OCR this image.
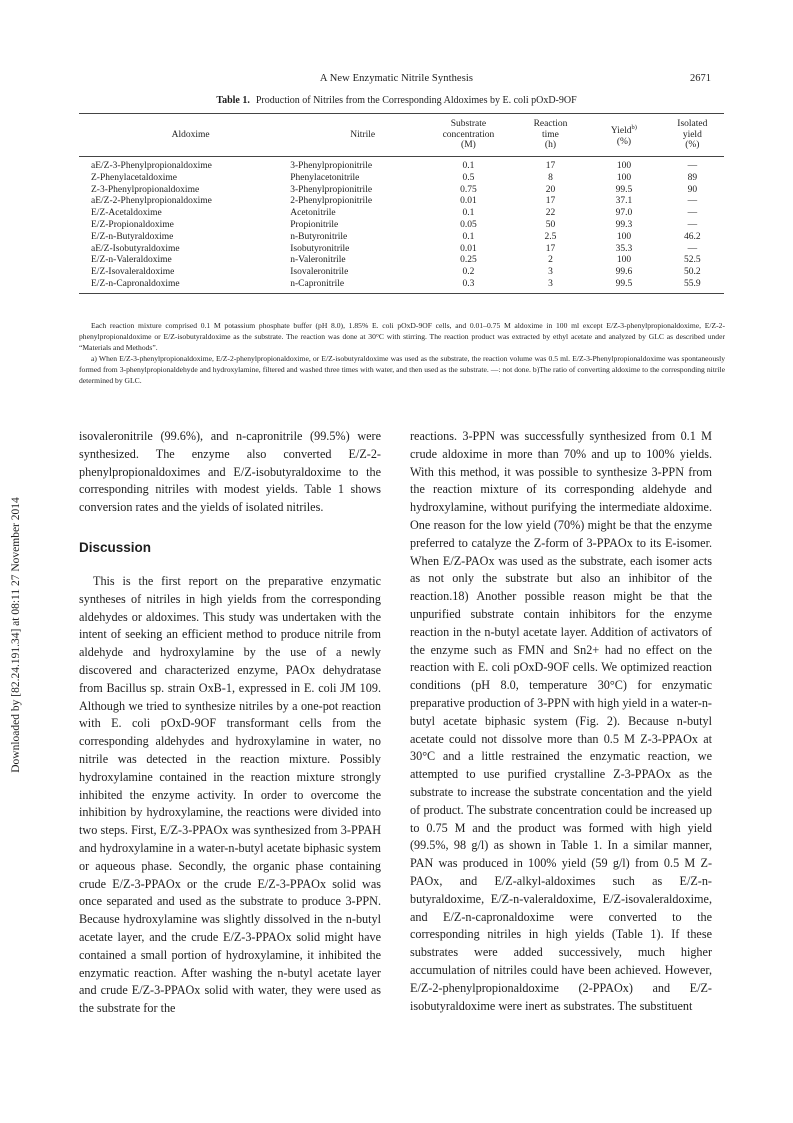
A New Enzymatic Nitrile Synthesis	2671
Downloaded by [82.24.191.34] at 08:11 27 November 2014
Table 1. Production of Nitriles from the Corresponding Aldoximes by E. coli pOxD-9OF
Aldoxime	Nitrile	Substrate
concentration
(M)	Reaction
time
(h)	Yield$^{b)}$
(%)	Isolated
yield
(%)
aE/Z-3-Phenylpropionaldoxime	3-Phenylpropionitrile	0.1	17	100	—
Z-Phenylacetaldoxime	Phenylacetonitrile	0.5	8	100	89
Z-3-Phenylpropionaldoxime	3-Phenylpropionitrile	0.75	20	99.5	90
aE/Z-2-Phenylpropionaldoxime	2-Phenylpropionitrile	0.01	17	37.1	—
E/Z-Acetaldoxime	Acetonitrile	0.1	22	97.0	—
E/Z-Propionaldoxime	Propionitrile	0.05	50	99.3	—
E/Z-n-Butyraldoxime	n-Butyronitrile	0.1	2.5	100	46.2
aE/Z-Isobutyraldoxime	Isobutyronitrile	0.01	17	35.3	—
E/Z-n-Valeraldoxime	n-Valeronitrile	0.25	2	100	52.5
E/Z-Isovaleraldoxime	Isovaleronitrile	0.2	3	99.6	50.2
E/Z-n-Capronaldoxime	n-Capronitrile	0.3	3	99.5	55.9

Each reaction mixture comprised 0.1 M potassium phosphate buffer (pH 8.0), 1.85% E. coli pOxD-9OF cells, and 0.01–0.75 M aldoxime in 100 ml except E/Z-3-phenylpropionaldoxime, E/Z-2-phenylpropionaldoxime or E/Z-isobutyraldoxime as the substrate. The reaction was done at 30°C with stirring. The reaction product was extracted by ethyl acetate and analyzed by GLC as described under “Materials and Methods”.

a) When E/Z-3-phenylpropionaldoxime, E/Z-2-phenylpropionaldoxime, or E/Z-isobutyraldoxime was used as the substrate, the reaction volume was 0.5 ml. E/Z-3-Phenylpropionaldoxime was spontaneously formed from 3-phenylpropionaldehyde and hydroxylamine, filtered and washed three times with water, and then used as the substrate. —: not done. b)The ratio of converting aldoxime to the corresponding nitrile determined by GLC.

isovaleronitrile (99.6%), and n-capronitrile (99.5%) were synthesized. The enzyme also converted E/Z-2-phenylpropionaldoximes and E/Z-isobutyraldoxime to the corresponding nitriles with modest yields. Table 1 shows conversion rates and the yields of isolated nitriles.

Discussion

This is the first report on the preparative enzymatic syntheses of nitriles in high yields from the corresponding aldehydes or aldoximes. This study was undertaken with the intent of seeking an efficient method to produce nitrile from aldehyde and hydroxylamine by the use of a newly discovered and characterized enzyme, PAOx dehydratase from Bacillus sp. strain OxB-1, expressed in E. coli JM 109. Although we tried to synthesize nitriles by a one-pot reaction with E. coli pOxD-9OF transformant cells from the corresponding aldehydes and hydroxylamine in water, no nitrile was detected in the reaction mixture. Possibly hydroxylamine contained in the reaction mixture strongly inhibited the enzyme activity. In order to overcome the inhibition by hydroxylamine, the reactions were divided into two steps. First, E/Z-3-PPAOx was synthesized from 3-PPAH and hydroxylamine in a water-n-butyl acetate biphasic system or aqueous phase. Secondly, the organic phase containing crude E/Z-3-PPAOx or the crude E/Z-3-PPAOx solid was once separated and used as the substrate to produce 3-PPN. Because hydroxylamine was slightly dissolved in the n-butyl acetate layer, and the crude E/Z-3-PPAOx solid might have contained a small portion of hydroxylamine, it inhibited the enzymatic reaction. After washing the n-butyl acetate layer and crude E/Z-3-PPAOx solid with water, they were used as the substrate for the

reactions. 3-PPN was successfully synthesized from 0.1 M crude aldoxime in more than 70% and up to 100% yields. With this method, it was possible to synthesize 3-PPN from the reaction mixture of its corresponding aldehyde and hydroxylamine, without purifying the intermediate aldoxime. One reason for the low yield (70%) might be that the enzyme preferred to catalyze the Z-form of 3-PPAOx to its E-isomer. When E/Z-PAOx was used as the substrate, each isomer acts as not only the substrate but also an inhibitor of the reaction.18) Another possible reason might be that the unpurified substrate contain inhibitors for the enzyme reaction in the n-butyl acetate layer. Addition of activators of the enzyme such as FMN and Sn2+ had no effect on the reaction with E. coli pOxD-9OF cells. We optimized reaction conditions (pH 8.0, temperature 30°C) for enzymatic preparative production of 3-PPN with high yield in a water-n-butyl acetate biphasic system (Fig. 2). Because n-butyl acetate could not dissolve more than 0.5 M Z-3-PPAOx at 30°C and a little restrained the enzymatic reaction, we attempted to use purified crystalline Z-3-PPAOx as the substrate to increase the substrate concentation and the yield of product. The substrate concentration could be increased up to 0.75 M and the product was formed with high yield (99.5%, 98 g/l) as shown in Table 1. In a similar manner, PAN was produced in 100% yield (59 g/l) from 0.5 M Z-PAOx, and E/Z-alkyl-aldoximes such as E/Z-n-butyraldoxime, E/Z-n-valeraldoxime, E/Z-isovaleraldoxime, and E/Z-n-capronaldoxime were converted to the corresponding nitriles in high yields (Table 1). If these substrates were added successively, much higher accumulation of nitriles could have been achieved. However, E/Z-2-phenylpropionaldoxime (2-PPAOx) and E/Z-isobutyraldoxime were inert as substrates. The substituent
